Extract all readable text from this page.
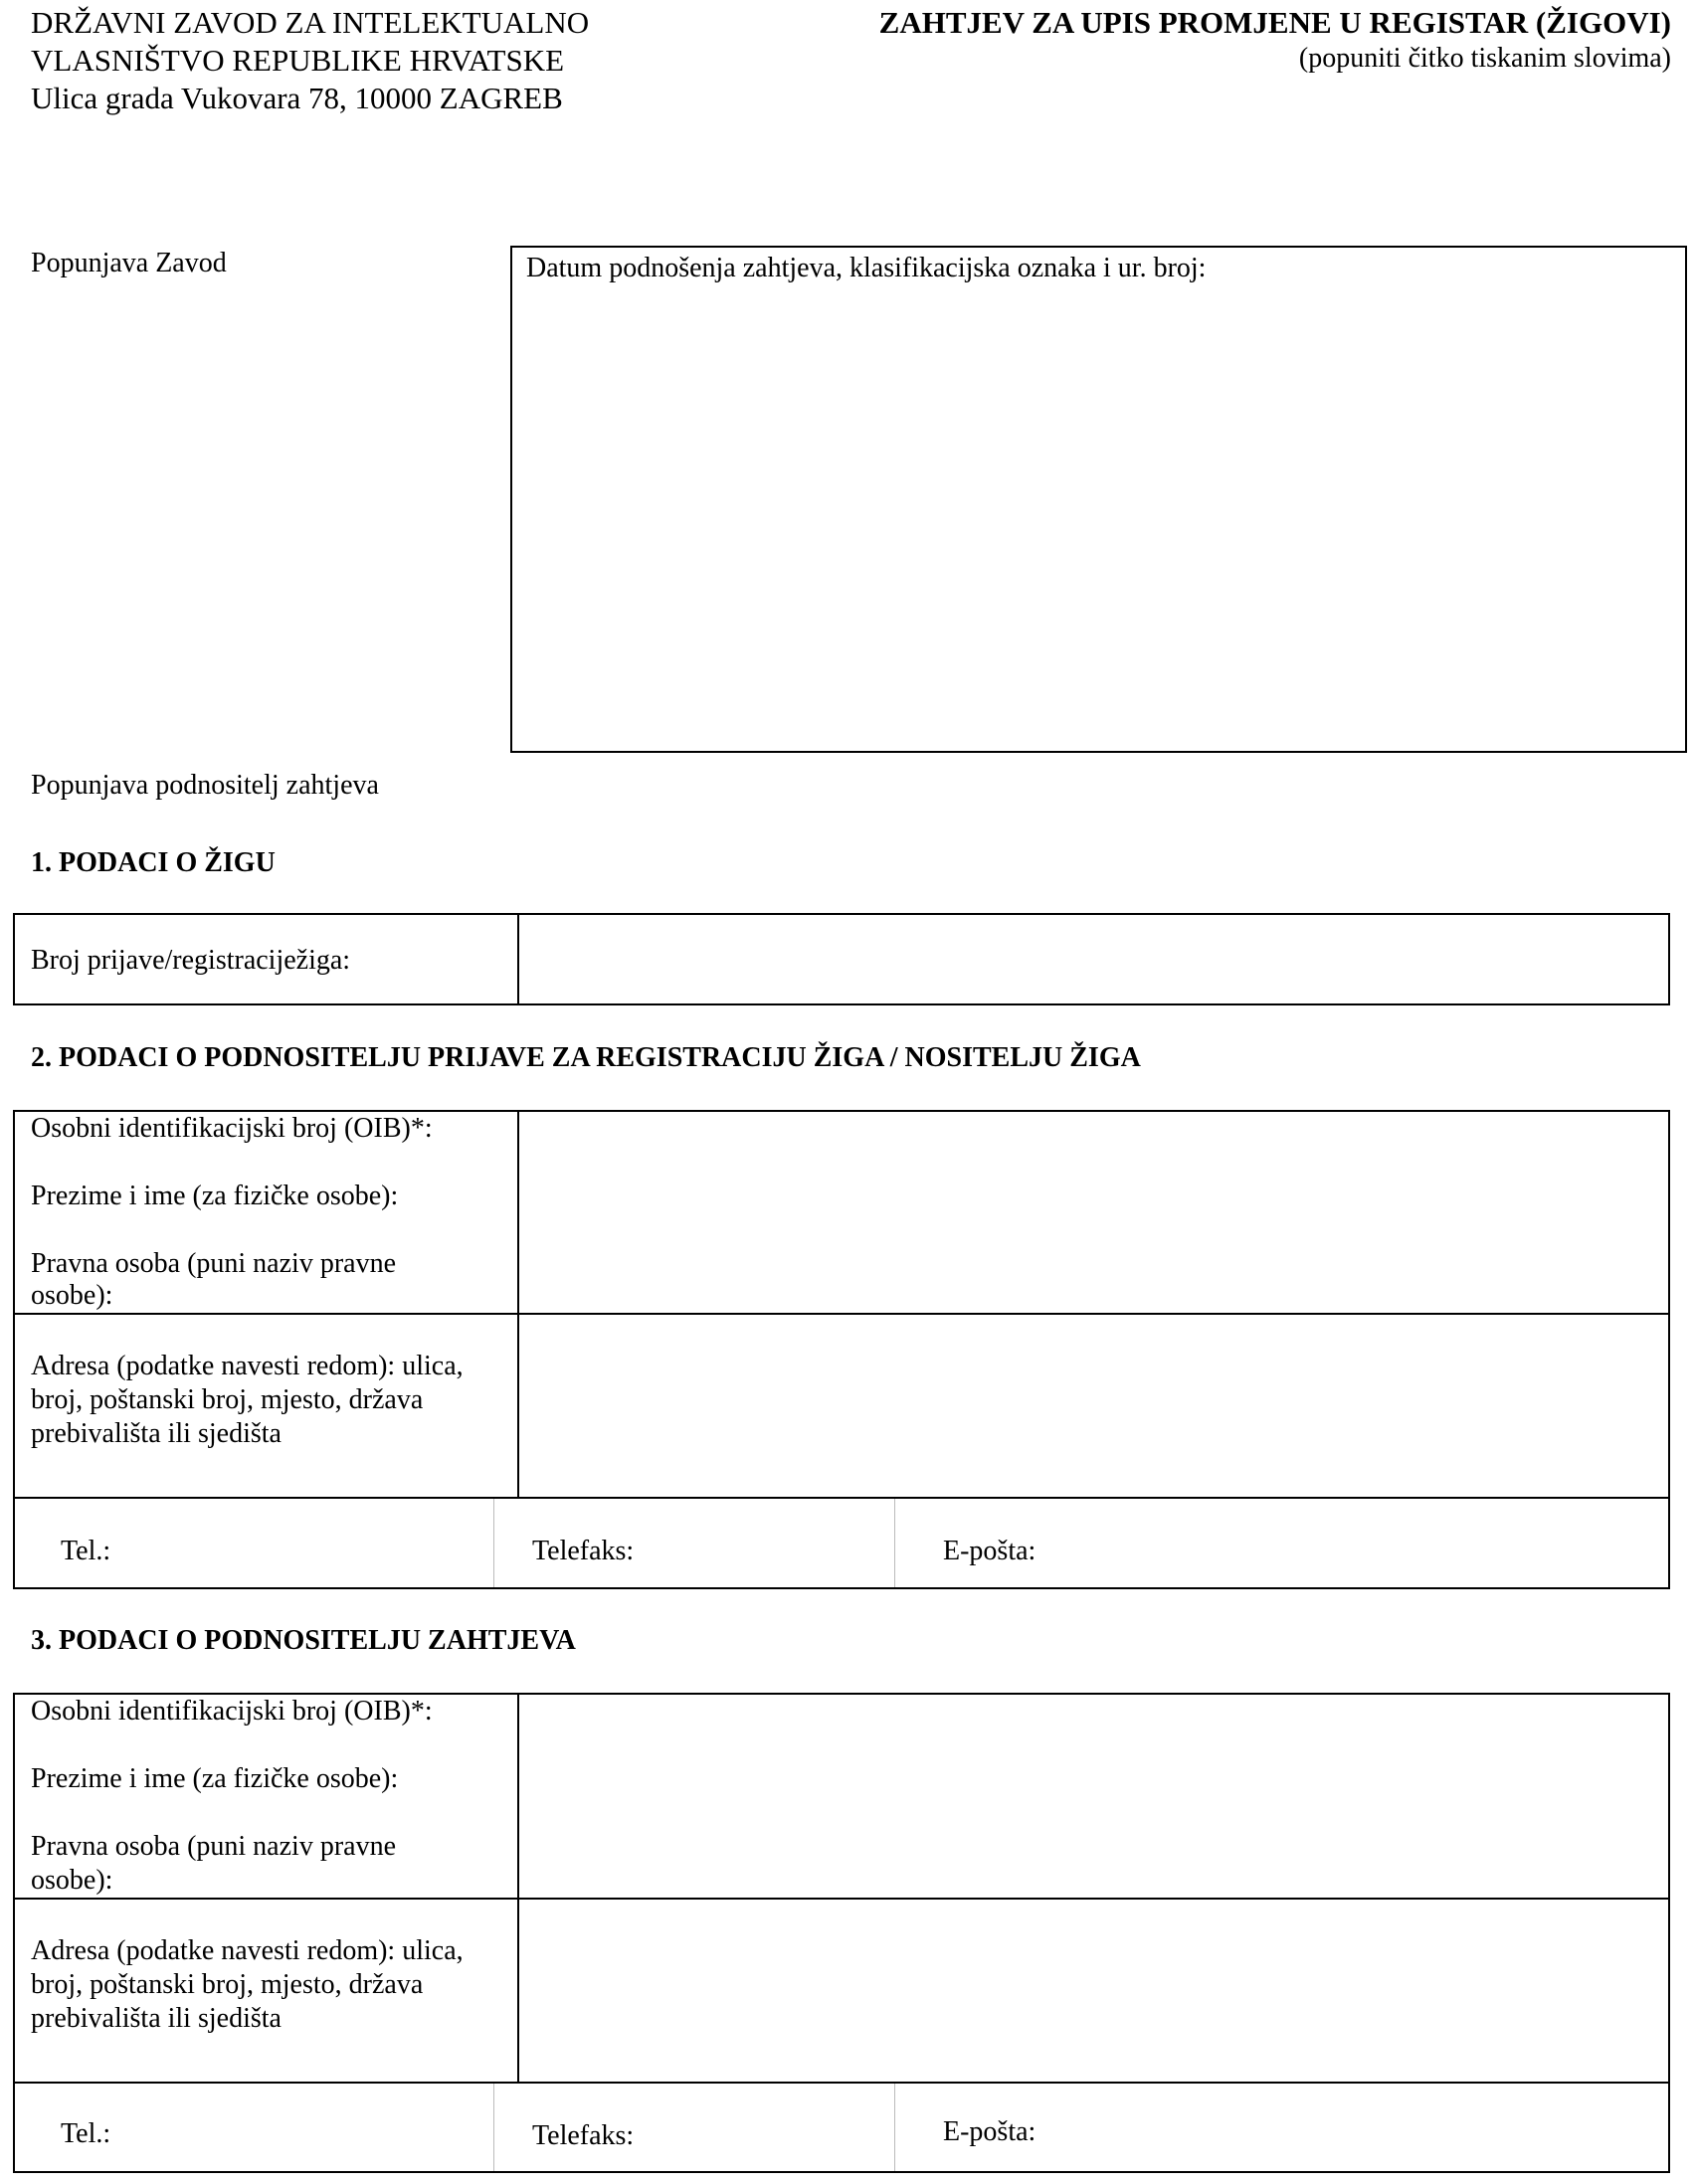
DRŽAVNI ZAVOD ZA INTELEKTUALNO
VLASNIŠTVO REPUBLIKE HRVATSKE
Ulica grada Vukovara 78, 10000 ZAGREB
ZAHTJEV ZA UPIS PROMJENE U REGISTAR (ŽIGOVI)
(popuniti čitko tiskanim slovima)
Popunjava Zavod	Datum podnošenja zahtjeva, klasifikacijska oznaka i ur. broj:
Popunjava podnositelj zahtjeva
1. PODACI O ŽIGU
Broj prijave/registraciježiga:
2. PODACI O PODNOSITELJU PRIJAVE ZA REGISTRACIJU ŽIGA / NOSITELJU ŽIGA
Osobni identifikacijski broj (OIB)*:
Prezime i ime (za fizičke osobe):
Pravna osoba (puni naziv pravne
osobe):
Adresa (podatke navesti redom): ulica,
broj, poštanski broj, mjesto, država
prebivališta ili sjedišta
Tel.:	Telefaks:	E-pošta:
3. PODACI O PODNOSITELJU ZAHTJEVA
Osobni identifikacijski broj (OIB)*:
Prezime i ime (za fizičke osobe):
Pravna osoba (puni naziv pravne
osobe):
Adresa (podatke navesti redom): ulica,
broj, poštanski broj, mjesto, država
prebivališta ili sjedišta
Tel.:	Telefaks:	E-pošta:
